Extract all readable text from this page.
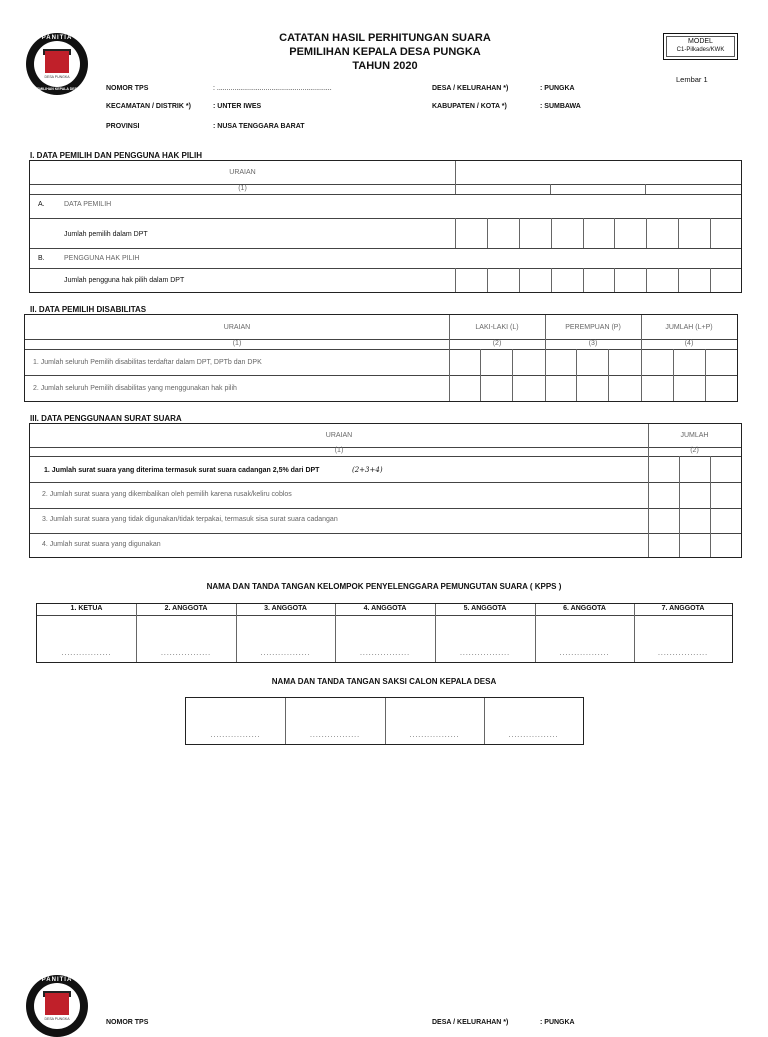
PANITIA
DESA PUNGKA
PEMILIHAN KEPALA DESA
CATATAN HASIL PERHITUNGAN SUARA
PEMILIHAN KEPALA DESA PUNGKA
TAHUN 2020
MODEL
C1-Pilkades/KWK
Lembar 1
NOMOR TPS	: ...........................................................
KECAMATAN / DISTRIK *)	: UNTER IWES
PROVINSI	: NUSA TENGGARA BARAT
DESA / KELURAHAN *)	: PUNGKA
KABUPATEN / KOTA *)	: SUMBAWA
I. DATA PEMILIH DAN PENGGUNA HAK PILIH
URAIAN
(1)
A.	DATA PEMILIH
Jumlah pemilih dalam DPT
B.	PENGGUNA HAK PILIH
Jumlah pengguna hak pilih dalam DPT
II. DATA PEMILIH DISABILITAS
URAIAN	LAKI-LAKI (L)	PEREMPUAN (P)	JUMLAH (L+P)
(1)	(2)	(3)	(4)
1. Jumlah seluruh Pemilih disabilitas terdaftar dalam DPT, DPTb dan DPK
2. Jumlah seluruh Pemilih disabilitas yang menggunakan hak pilih
III. DATA PENGGUNAAN SURAT SUARA
URAIAN	JUMLAH
(1)	(2)
1. Jumlah surat suara yang diterima termasuk surat suara cadangan 2,5% dari DPT	(2+3+4)
2. Jumlah surat suara yang dikembalikan oleh pemilih karena rusak/keliru coblos
3. Jumlah surat suara yang tidak digunakan/tidak terpakai, termasuk sisa surat suara cadangan
4. Jumlah surat suara yang digunakan
NAMA DAN TANDA TANGAN KELOMPOK PENYELENGGARA PEMUNGUTAN SUARA ( KPPS )
1. KETUA	2. ANGGOTA	3. ANGGOTA	4. ANGGOTA	5. ANGGOTA	6. ANGGOTA	7. ANGGOTA
.................	.................	.................	.................	.................	.................	.................
NAMA DAN TANDA TANGAN SAKSI CALON KEPALA DESA
.................	.................	.................	.................
PANITIA
DESA PUNGKA	NOMOR TPS	DESA / KELURAHAN *)	: PUNGKA
